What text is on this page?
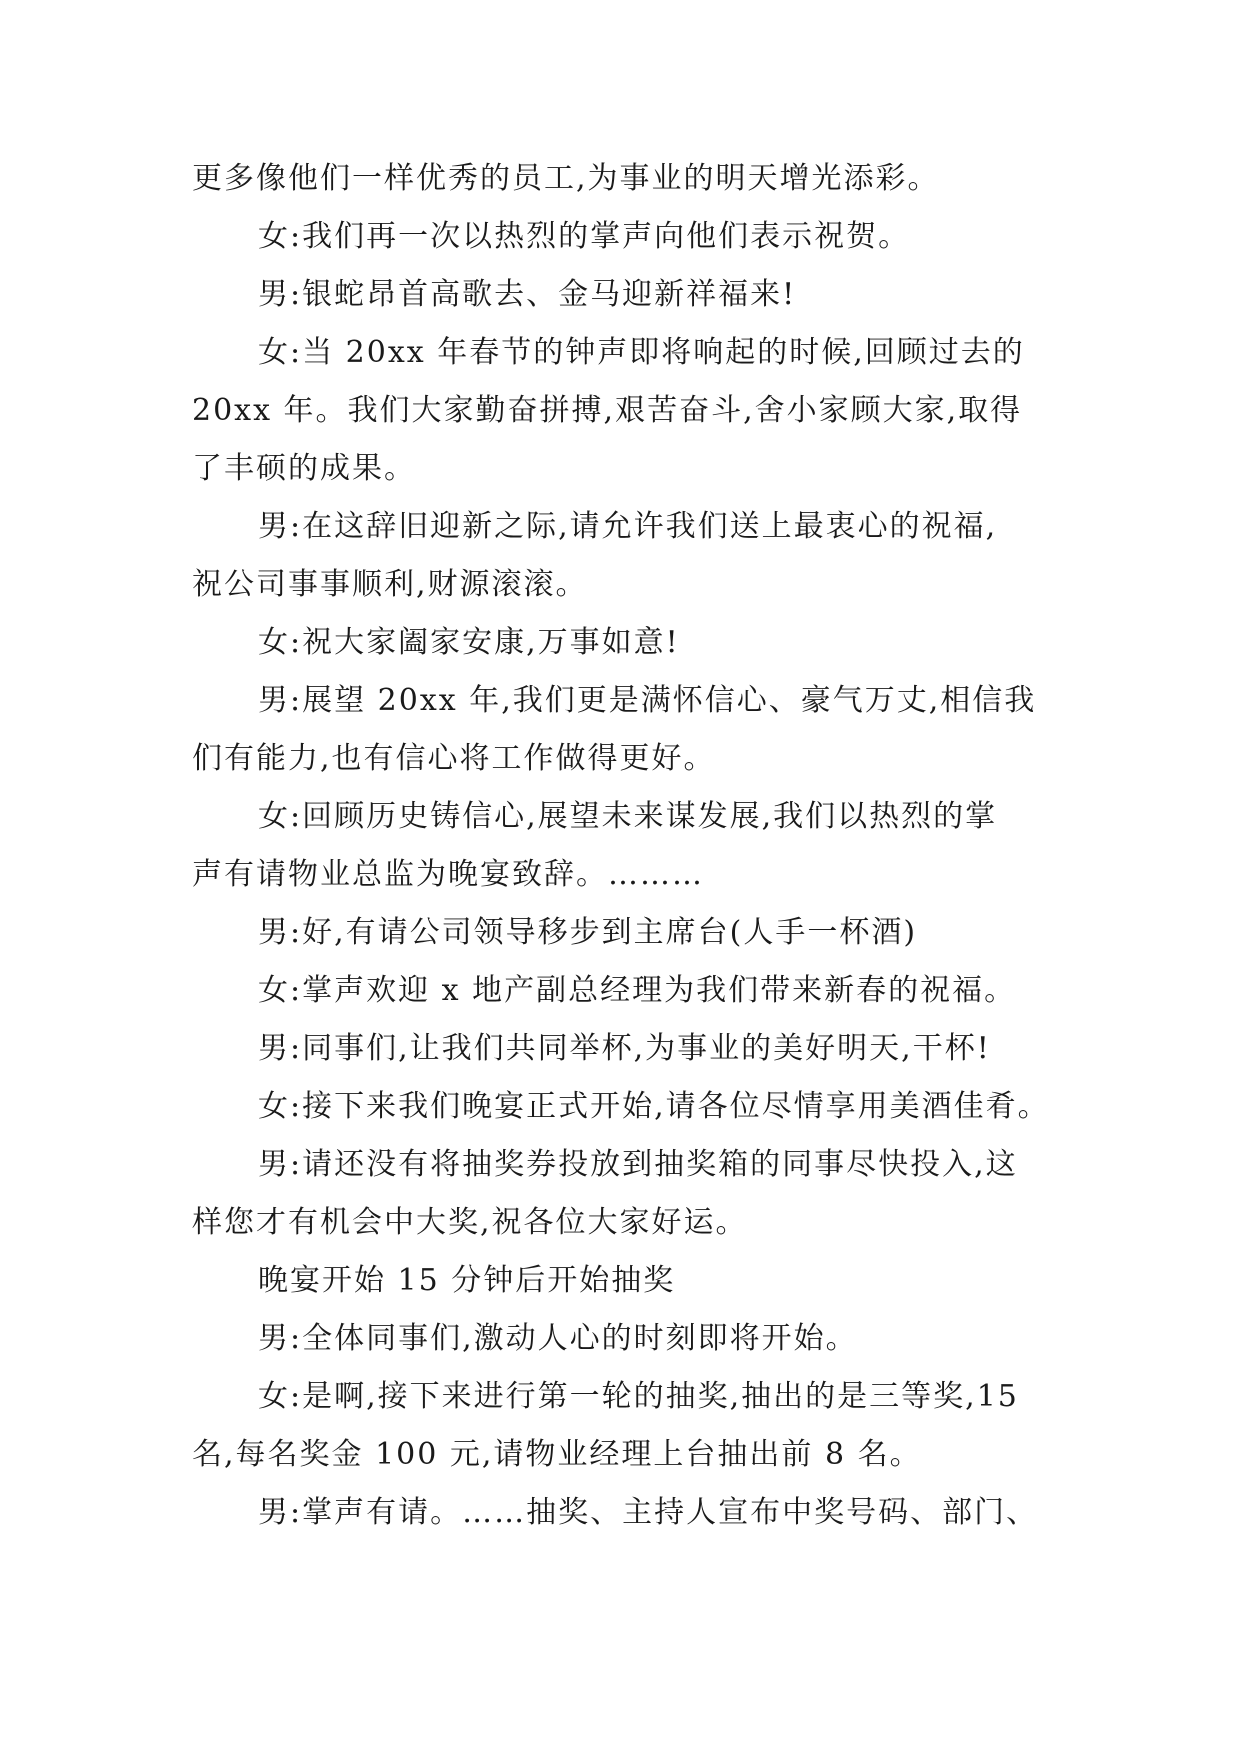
更多像他们一样优秀的员工,为事业的明天增光添彩。
女:我们再一次以热烈的掌声向他们表示祝贺。
男:银蛇昂首高歌去、金马迎新祥福来!
女:当 20xx 年春节的钟声即将响起的时候,回顾过去的
20xx 年。我们大家勤奋拼搏,艰苦奋斗,舍小家顾大家,取得
了丰硕的成果。
男:在这辞旧迎新之际,请允许我们送上最衷心的祝福,
祝公司事事顺利,财源滚滚。
女:祝大家阖家安康,万事如意!
男:展望 20xx 年,我们更是满怀信心、豪气万丈,相信我
们有能力,也有信心将工作做得更好。
女:回顾历史铸信心,展望未来谋发展,我们以热烈的掌
声有请物业总监为晚宴致辞。………
男:好,有请公司领导移步到主席台(人手一杯酒)
女:掌声欢迎 x 地产副总经理为我们带来新春的祝福。
男:同事们,让我们共同举杯,为事业的美好明天,干杯!
女:接下来我们晚宴正式开始,请各位尽情享用美酒佳肴。
男:请还没有将抽奖券投放到抽奖箱的同事尽快投入,这
样您才有机会中大奖,祝各位大家好运。
晚宴开始 15 分钟后开始抽奖
男:全体同事们,激动人心的时刻即将开始。
女:是啊,接下来进行第一轮的抽奖,抽出的是三等奖,15
名,每名奖金 100 元,请物业经理上台抽出前 8 名。
男:掌声有请。……抽奖、主持人宣布中奖号码、部门、
